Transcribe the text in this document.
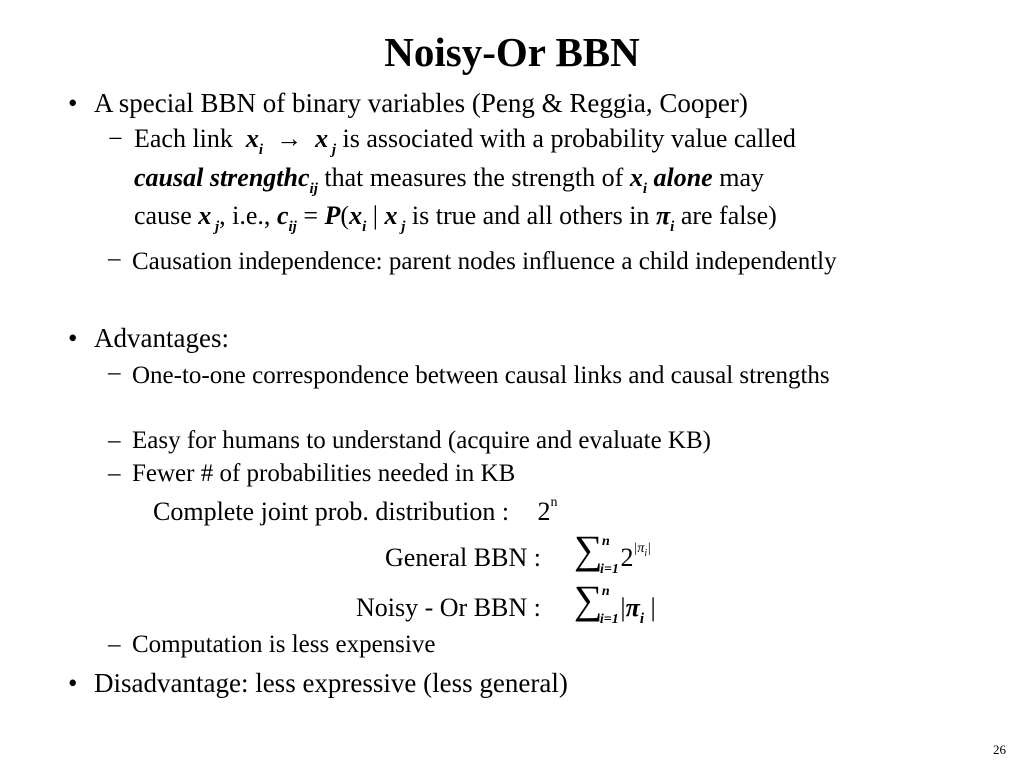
Noisy-Or BBN
• A special BBN of binary variables (Peng & Reggia, Cooper)
− Each link  $x_i \to x$ $_j$ is associated with a probability value called
causal strengthc$_{ij}$ that measures the strength of $x_i$ alone may
cause x $_j$, i.e., $c_{ij} = P(x_i$ | x $_j$ is true and all others in $\pi_i$ are false)
– Causation independence: parent nodes influence a child independently
• Advantages:
– One-to-one correspondence between causal links and causal strengths
– Easy for humans to understand (acquire and evaluate KB)
– Fewer # of probabilities needed in KB
Complete joint prob. distribution : 2$^n$
General BBN : ∑ n
i=1 $2^{|\pi_i|}$
Noisy - Or BBN : ∑ n
i=1 $|\pi_i$ |
– Computation is less expensive
• Disadvantage: less expressive (less general)
26
